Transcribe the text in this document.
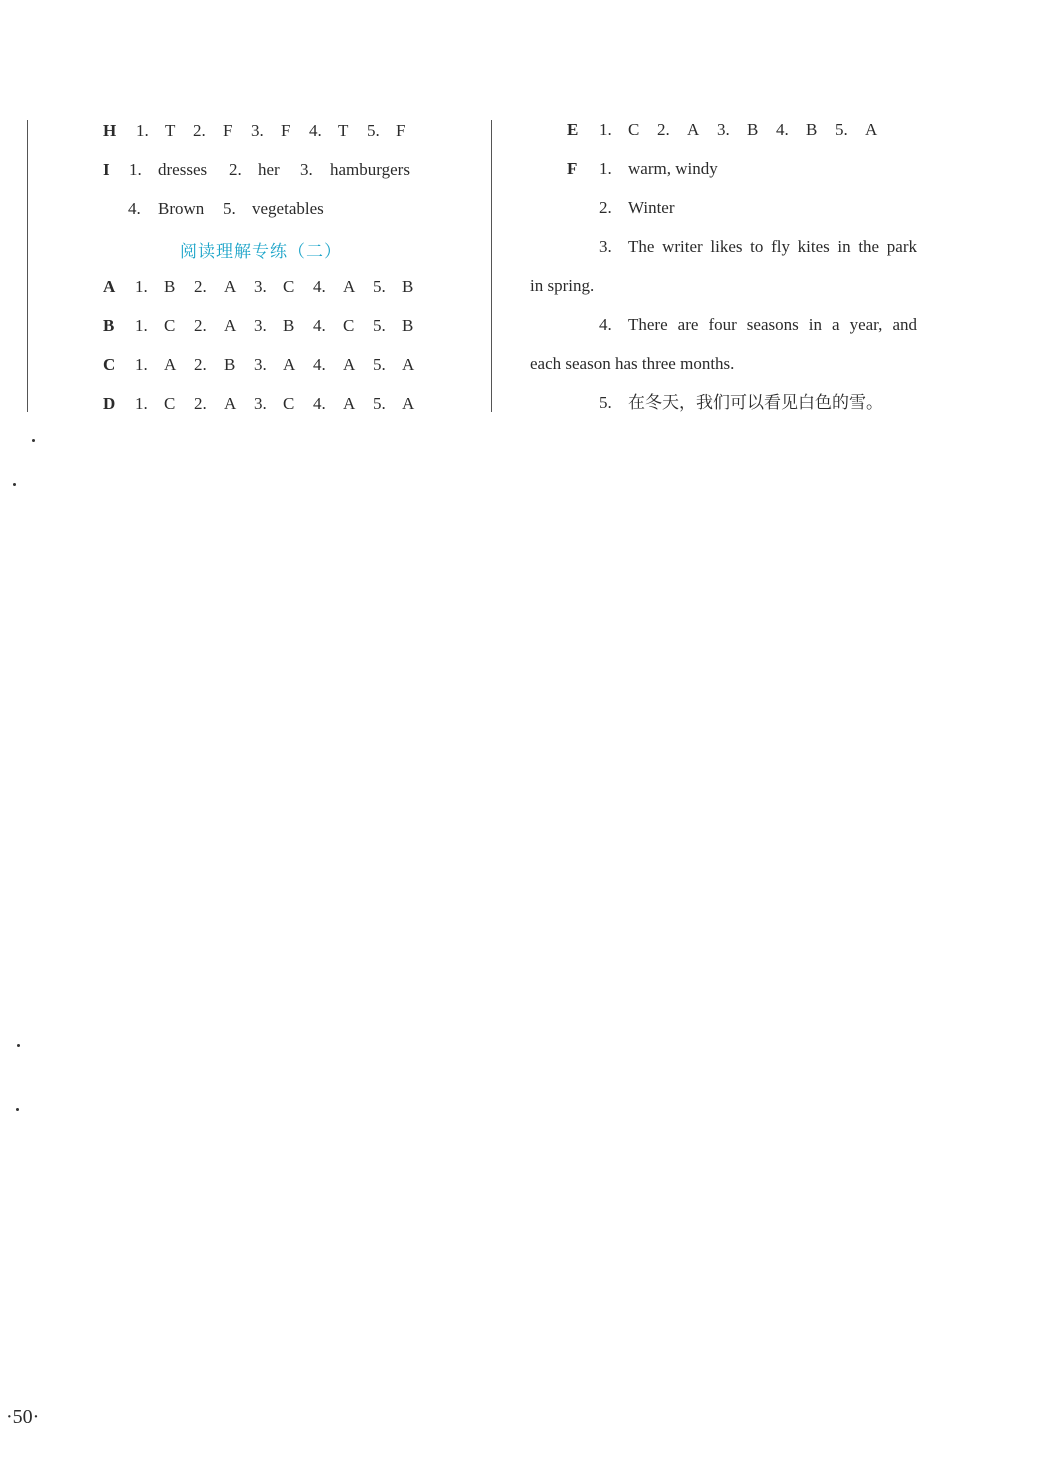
H 1. T 2. F 3. F 4. T 5. F
I 1. dresses 2. her 3. hamburgers
4. Brown 5. vegetables
阅读理解专练（二）
A 1. B 2. A 3. C 4. A 5. B
B 1. C 2. A 3. B 4. C 5. B
C 1. A 2. B 3. A 4. A 5. A
D 1. C 2. A 3. C 4. A 5. A
E 1. C 2. A 3. B 4. B 5. A
F 1. warm, windy
2. Winter
3. The writer likes to fly kites in the park
in spring.
4. There are four seasons in a year, and
each season has three months.
5. 在冬天，我们可以看见白色的雪。
·50·
